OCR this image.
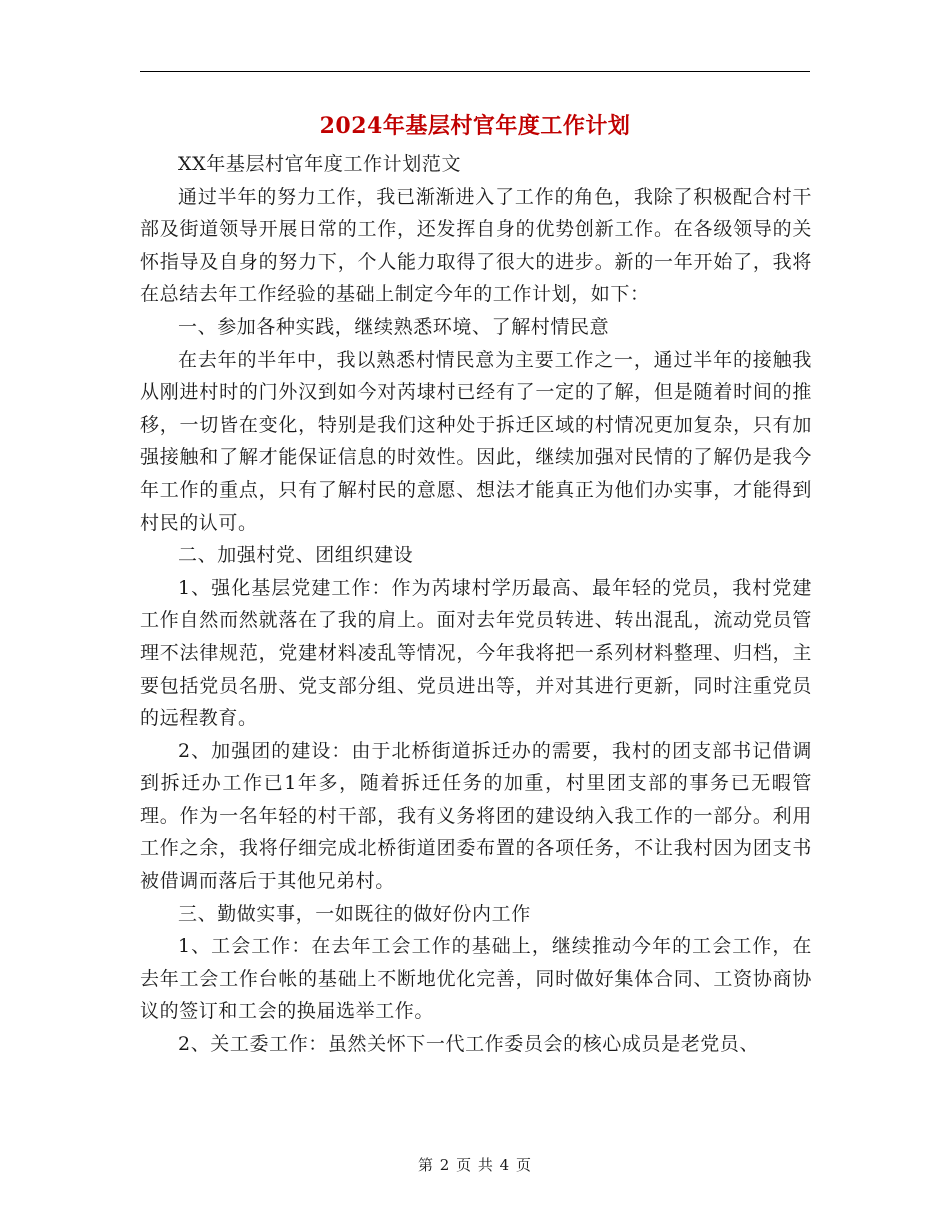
2024年基层村官年度工作计划

XX年基层村官年度工作计划范文

通过半年的努力工作，我已渐渐进入了工作的角色，我除了积极配合村干部及街道领导开展日常的工作，还发挥自身的优势创新工作。在各级领导的关怀指导及自身的努力下，个人能力取得了很大的进步。新的一年开始了，我将在总结去年工作经验的基础上制定今年的工作计划，如下：

一、参加各种实践，继续熟悉环境、了解村情民意

在去年的半年中，我以熟悉村情民意为主要工作之一，通过半年的接触我从刚进村时的门外汉到如今对芮埭村已经有了一定的了解，但是随着时间的推移，一切皆在变化，特别是我们这种处于拆迁区域的村情况更加复杂，只有加强接触和了解才能保证信息的时效性。因此，继续加强对民情的了解仍是我今年工作的重点，只有了解村民的意愿、想法才能真正为他们办实事，才能得到村民的认可。

二、加强村党、团组织建设

1、强化基层党建工作：作为芮埭村学历最高、最年轻的党员，我村党建工作自然而然就落在了我的肩上。面对去年党员转进、转出混乱，流动党员管理不法律规范，党建材料凌乱等情况，今年我将把一系列材料整理、归档，主要包括党员名册、党支部分组、党员进出等，并对其进行更新，同时注重党员的远程教育。

2、加强团的建设：由于北桥街道拆迁办的需要，我村的团支部书记借调到拆迁办工作已1年多，随着拆迁任务的加重，村里团支部的事务已无暇管理。作为一名年轻的村干部，我有义务将团的建设纳入我工作的一部分。利用工作之余，我将仔细完成北桥街道团委布置的各项任务，不让我村因为团支书被借调而落后于其他兄弟村。

三、勤做实事，一如既往的做好份内工作

1、工会工作：在去年工会工作的基础上，继续推动今年的工会工作，在去年工会工作台帐的基础上不断地优化完善，同时做好集体合同、工资协商协议的签订和工会的换届选举工作。

2、关工委工作：虽然关怀下一代工作委员会的核心成员是老党员、

第 2 页 共 4 页
